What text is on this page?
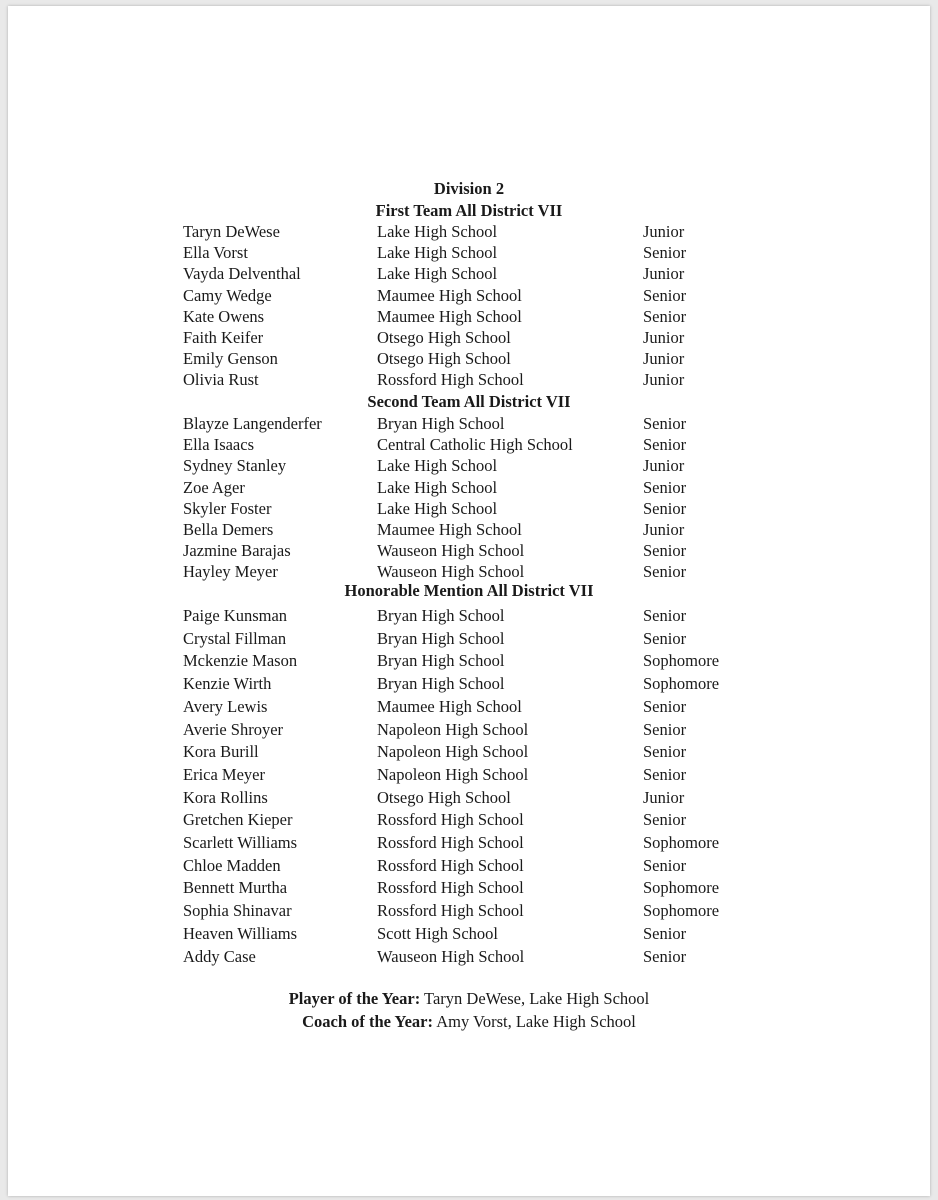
Division 2
First Team All District VII
Taryn DeWese	Lake High School	Junior
Ella Vorst	Lake High School	Senior
Vayda Delventhal	Lake High School	Junior
Camy Wedge	Maumee High School	Senior
Kate Owens	Maumee High School	Senior
Faith Keifer	Otsego High School	Junior
Emily Genson	Otsego High School	Junior
Olivia Rust	Rossford High School	Junior
Second Team All District VII
Blayze Langenderfer	Bryan High School	Senior
Ella Isaacs	Central Catholic High School	Senior
Sydney Stanley	Lake High School	Junior
Zoe Ager	Lake High School	Senior
Skyler Foster	Lake High School	Senior
Bella Demers	Maumee High School	Junior
Jazmine Barajas	Wauseon High School	Senior
Hayley Meyer	Wauseon High School	Senior
Honorable Mention All District VII
Paige Kunsman	Bryan High School	Senior
Crystal Fillman	Bryan High School	Senior
Mckenzie Mason	Bryan High School	Sophomore
Kenzie Wirth	Bryan High School	Sophomore
Avery Lewis	Maumee High School	Senior
Averie Shroyer	Napoleon High School	Senior
Kora Burill	Napoleon High School	Senior
Erica Meyer	Napoleon High School	Senior
Kora Rollins	Otsego High School	Junior
Gretchen Kieper	Rossford High School	Senior
Scarlett Williams	Rossford High School	Sophomore
Chloe Madden	Rossford High School	Senior
Bennett Murtha	Rossford High School	Sophomore
Sophia Shinavar	Rossford High School	Sophomore
Heaven Williams	Scott High School	Senior
Addy Case	Wauseon High School	Senior
Player of the Year: Taryn DeWese, Lake High School
Coach of the Year: Amy Vorst, Lake High School
